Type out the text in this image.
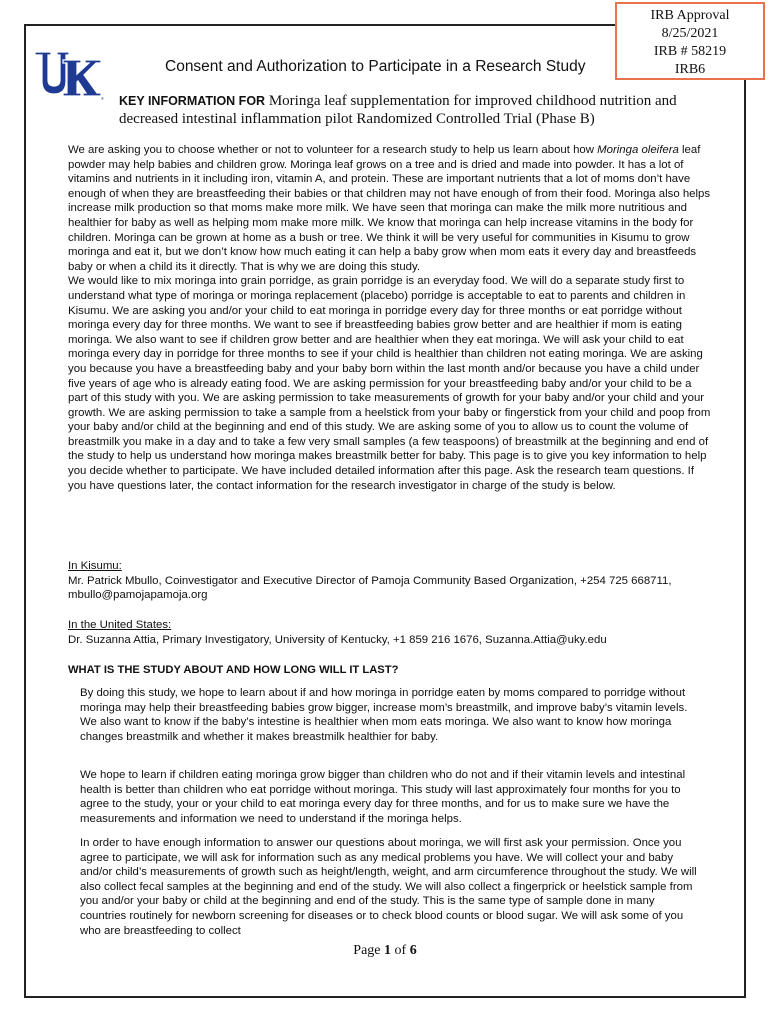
IRB Approval
8/25/2021
IRB # 58219
IRB6
®
Consent and Authorization to Participate in a Research Study
KEY INFORMATION FOR Moringa leaf supplementation for improved childhood nutrition and decreased intestinal inflammation pilot Randomized Controlled Trial (Phase B)

We are asking you to choose whether or not to volunteer for a research study to help us learn about how Moringa oleifera leaf powder may help babies and children grow. Moringa leaf grows on a tree and is dried and made into powder. It has a lot of vitamins and nutrients in it including iron, vitamin A, and protein. These are important nutrients that a lot of moms don’t have enough of when they are breastfeeding their babies or that children may not have enough of from their food. Moringa also helps increase milk production so that moms make more milk. We have seen that moringa can make the milk more nutritious and healthier for baby as well as helping mom make more milk. We know that moringa can help increase vitamins in the body for children. Moringa can be grown at home as a bush or tree. We think it will be very useful for communities in Kisumu to grow moringa and eat it, but we don’t know how much eating it can help a baby grow when mom eats it every day and breastfeeds baby or when a child its it directly. That is why we are doing this study.
We would like to mix moringa into grain porridge, as grain porridge is an everyday food. We will do a separate study first to understand what type of moringa or moringa replacement (placebo) porridge is acceptable to eat to parents and children in Kisumu. We are asking you and/or your child to eat moringa in porridge every day for three months or eat porridge without moringa every day for three months. We want to see if breastfeeding babies grow better and are healthier if mom is eating moringa. We also want to see if children grow better and are healthier when they eat moringa. We will ask your child to eat moringa every day in porridge for three months to see if your child is healthier than children not eating moringa. We are asking you because you have a breastfeeding baby and your baby born within the last month and/or because you have a child under five years of age who is already eating food. We are asking permission for your breastfeeding baby and/or your child to be a part of this study with you. We are asking permission to take measurements of growth for your baby and/or your child and your growth. We are asking permission to take a sample from a heelstick from your baby or fingerstick from your child and poop from your baby and/or child at the beginning and end of this study. We are asking some of you to allow us to count the volume of breastmilk you make in a day and to take a few very small samples (a few teaspoons) of breastmilk at the beginning and end of the study to help us understand how moringa makes breastmilk better for baby. This page is to give you key information to help you decide whether to participate. We have included detailed information after this page. Ask the research team questions. If you have questions later, the contact information for the research investigator in charge of the study is below.

In Kisumu:
Mr. Patrick Mbullo, Coinvestigator and Executive Director of Pamoja Community Based Organization, +254 725 668711, mbullo@pamojapamoja.org

In the United States:
Dr. Suzanna Attia, Primary Investigatory, University of Kentucky, +1 859 216 1676, Suzanna.Attia@uky.edu

WHAT IS THE STUDY ABOUT AND HOW LONG WILL IT LAST?

By doing this study, we hope to learn about if and how moringa in porridge eaten by moms compared to porridge without moringa may help their breastfeeding babies grow bigger, increase mom’s breastmilk, and improve baby’s vitamin levels. We also want to know if the baby’s intestine is healthier when mom eats moringa. We also want to know how moringa changes breastmilk and whether it makes breastmilk healthier for baby.

We hope to learn if children eating moringa grow bigger than children who do not and if their vitamin levels and intestinal health is better than children who eat porridge without moringa. This study will last approximately four months for you to agree to the study, your or your child to eat moringa every day for three months, and for us to make sure we have the measurements and information we need to understand if the moringa helps.

In order to have enough information to answer our questions about moringa, we will first ask your permission. Once you agree to participate, we will ask for information such as any medical problems you have. We will collect your and baby and/or child’s measurements of growth such as height/length, weight, and arm circumference throughout the study. We will also collect fecal samples at the beginning and end of the study. We will also collect a fingerprick or heelstick sample from you and/or your baby or child at the beginning and end of the study. This is the same type of sample done in many countries routinely for newborn screening for diseases or to check blood counts or blood sugar. We will ask some of you who are breastfeeding to collect

Page 1 of 6
